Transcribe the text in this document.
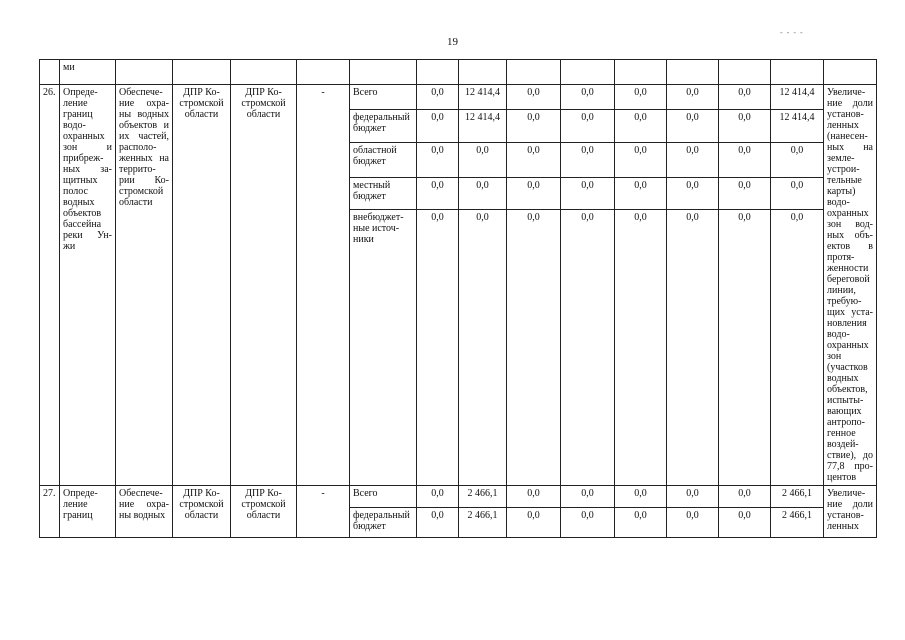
19
- - - -
	ми														
26.	Опреде-ление границ водо-охранных зон и прибреж-ных за-щитных полос водных объектов бассейна реки Ун-жи	Обеспече-ние охра-ны водных объектов и их частей, располо-женных на террито-рии Ко-стромской области	ДПР Ко-стромской области	ДПР Ко-стромской области	-	Всего	0,0	12 414,4	0,0	0,0	0,0	0,0	0,0	12 414,4	Увеличе-ние доли установ-ленных (нанесен-ных на земле-устрои-тельные карты) водо-охранных зон вод-ных объ-ектов в протя-женности береговой линии, требую-щих уста-новления водо-охранных зон (участков водных объектов, испыты-вающих антропо-генное воздей-ствие), до 77,8 про-центов
						федеральный бюджет	0,0	12 414,4	0,0	0,0	0,0	0,0	0,0	12 414,4	
						областной бюджет	0,0	0,0	0,0	0,0	0,0	0,0	0,0	0,0	
						местный бюджет	0,0	0,0	0,0	0,0	0,0	0,0	0,0	0,0	
						внебюджет-ные источ-ники	0,0	0,0	0,0	0,0	0,0	0,0	0,0	0,0	
27.	Опреде-ление границ	Обеспече-ние охра-ны водных	ДПР Ко-стромской области	ДПР Ко-стромской области	-	Всего	0,0	2 466,1	0,0	0,0	0,0	0,0	0,0	2 466,1	Увеличе-ние доли установ-ленных
						федеральный бюджет	0,0	2 466,1	0,0	0,0	0,0	0,0	0,0	2 466,1	
